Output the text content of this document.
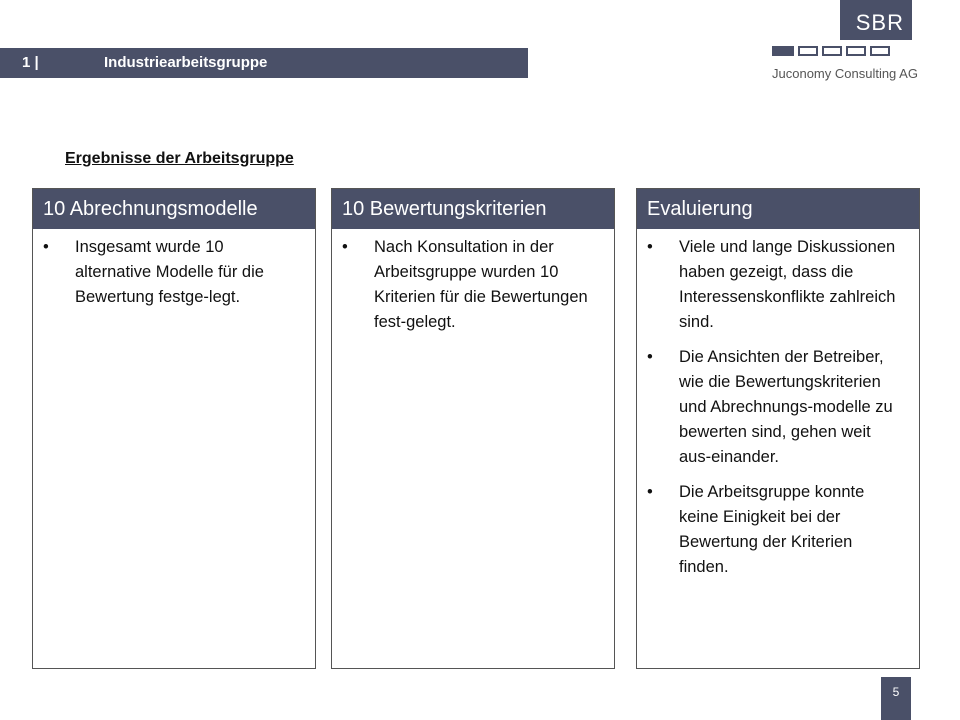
1 |	Industriearbeitsgruppe
SBR
Juconomy Consulting AG
Ergebnisse der Arbeitsgruppe
10 Abrechnungsmodelle
•	Insgesamt wurde 10 alternative Modelle für die Bewertung festge-legt.
10 Bewertungskriterien
•	Nach Konsultation in der Arbeitsgruppe wurden 10 Kriterien für die Bewertungen fest-gelegt.
Evaluierung
•	Viele und lange Diskussionen haben gezeigt, dass die Interessenskonflikte zahlreich sind.
•	Die Ansichten der Betreiber, wie die Bewertungskriterien und Abrechnungs-modelle zu bewerten sind, gehen weit aus-einander.
•	Die Arbeitsgruppe konnte keine Einigkeit bei der Bewertung der Kriterien finden.
5
